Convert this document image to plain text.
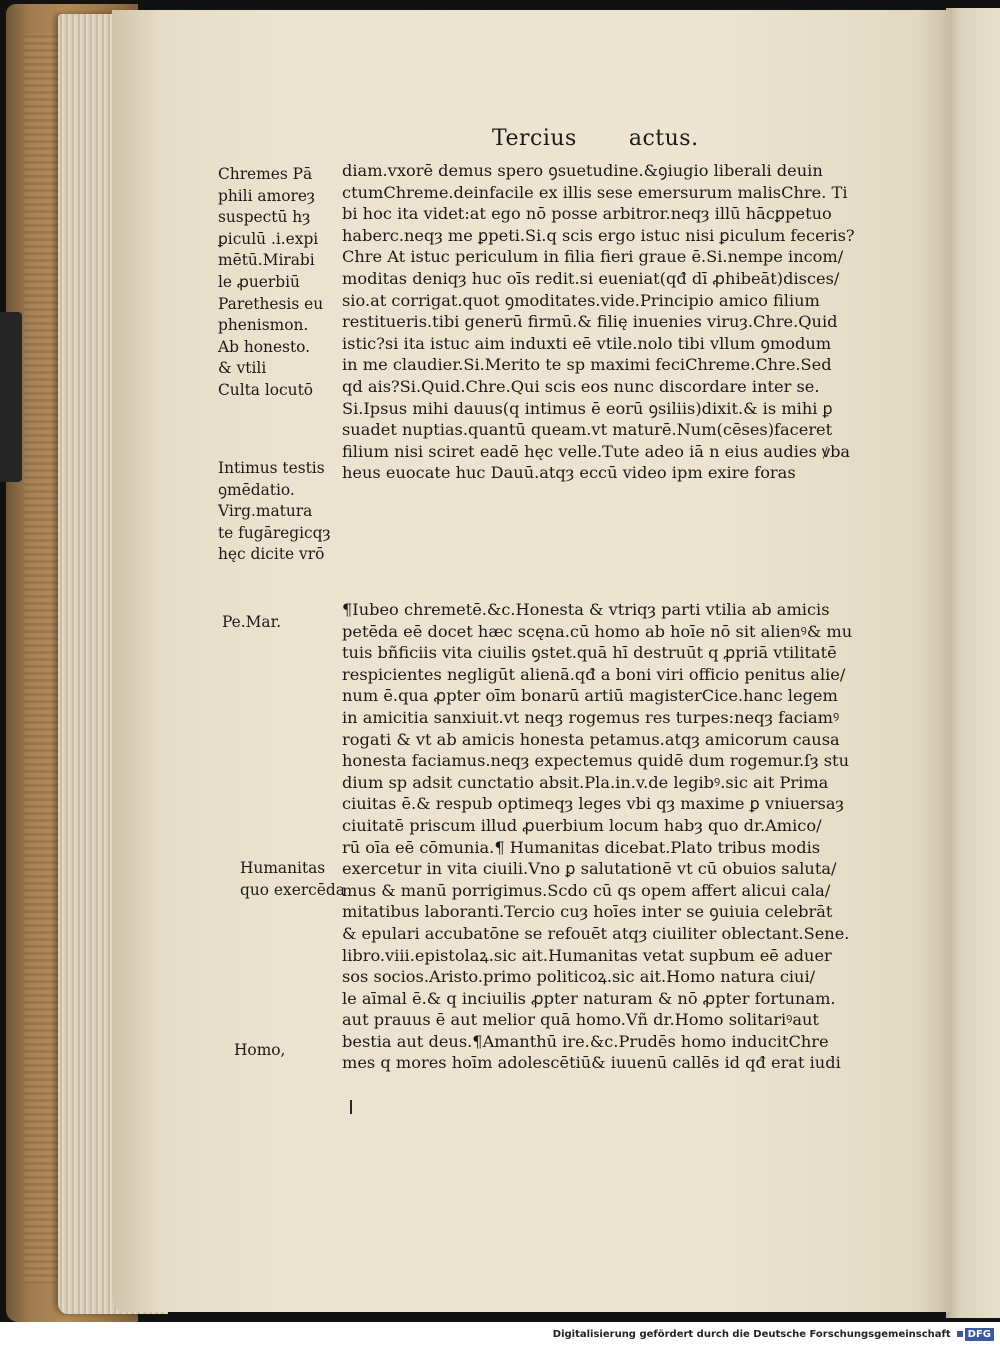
Tercius actus.
diam.vxorē demus spero ꝯsuetudine.&ꝯiugio liberali deuin
ctumChreme.deinfacile ex illis sese emersurum malisChre. Ti
bi hoc ita videt:at ego nō posse arbitror.neqȝ illū hācꝑpetuo
haberc.neqȝ me ꝑpeti.Si.q scis ergo istuc nisi ꝑiculum feceris?
Chre At istuc periculum in filia fieri graue ē.Si.nempe incom/
moditas deniqȝ huc oīs redit.si eueniat(qđ dī ꝓhibeāt)disces/
sio.at corrigat.quot ꝯmoditates.vide.Principio amico filium
restitueris.tibi generū firmū.& filię inuenies viruȝ.Chre.Quid
istic?si ita istuc aim induxti eē vtile.nolo tibi vllum ꝯmodum
in me claudier.Si.Merito te sp maximi feciChreme.Chre.Sed
qd ais?Si.Quid.Chre.Qui scis eos nunc discordare inter se.
Si.Ipsus mihi dauus(q intimus ē eorū ꝯsiliis)dixit.& is mihi ꝑ
suadet nuptias.quantū queam.vt maturē.Num(cēses)faceret
filium nisi sciret eadē hęc velle.Tute adeo iā n eius audies ꝟba
heus euocate huc Dauū.atqȝ eccū video ipm exire foras
¶Iubeo chremetē.&c.Honesta & vtriqȝ parti vtilia ab amicis
petēda eē docet hæc scęna.cū homo ab hoīe nō sit alienꝰ& mu
tuis bñficiis vita ciuilis ꝯstet.quā hī destruūt q ꝓpriā vtilitatē
respicientes negligūt alienā.qđ a boni viri officio penitus alie/
num ē.qua ꝓpter oīm bonarū artiū magisterCice.hanc legem
in amicitia sanxiuit.vt neqȝ rogemus res turpes:neqȝ faciamꝰ
rogati & vt ab amicis honesta petamus.atqȝ amicorum causa
honesta faciamus.neqȝ expectemus quidē dum rogemur.ſȝ stu
dium sp adsit cunctatio absit.Pla.in.v.de legibꝰ.sic ait Prima
ciuitas ē.& respub optimeqȝ leges vbi qȝ maxime ꝑ vniuersaȝ
ciuitatē priscum illud ꝓuerbium locum habȝ quo dr.Amico/
rū oīa eē cōmunia.¶ Humanitas dicebat.Plato tribus modis
exercetur in vita ciuili.Vno ꝑ salutationē vt cū obuios saluta/
mus & manū porrigimus.Scdo cū qs opem affert alicui cala/
mitatibus laboranti.Tercio cuȝ hoīes inter se ꝯuiuia celebrāt
& epulari accubatōne se refouēt atqȝ ciuiliter oblectant.Sene.
libro.viii.epistolaꝝ.sic ait.Humanitas vetat supbum eē aduer
sos socios.Aristo.primo politicoꝝ.sic ait.Homo natura ciui/
le aīmal ē.& q inciuilis ꝓpter naturam & nō ꝓpter fortunam.
aut prauus ē aut melior quā homo.Vñ dr.Homo solitariꝰaut
bestia aut deus.¶Amanthū ire.&c.Prudēs homo inducitChre
mes q mores hoīm adolescētiū& iuuenū callēs id qđ erat iudi
Chremes Pā
phili amoreȝ
suspectū hȝ
ꝑiculū .i.expi
mētū.Mirabi
le ꝓuerbiū
Parethesis eu
phenismon.
Ab honesto.
& vtili
Culta locutō
Intimus testis
ꝯmēdatio.
Virg.matura
te fugāregicqȝ
hęc dicite vrō
Pe.Mar.
Humanitas
quo exercēda
Homo,
Digitalisierung gefördert durch die Deutsche Forschungsgemeinschaft	DFG
